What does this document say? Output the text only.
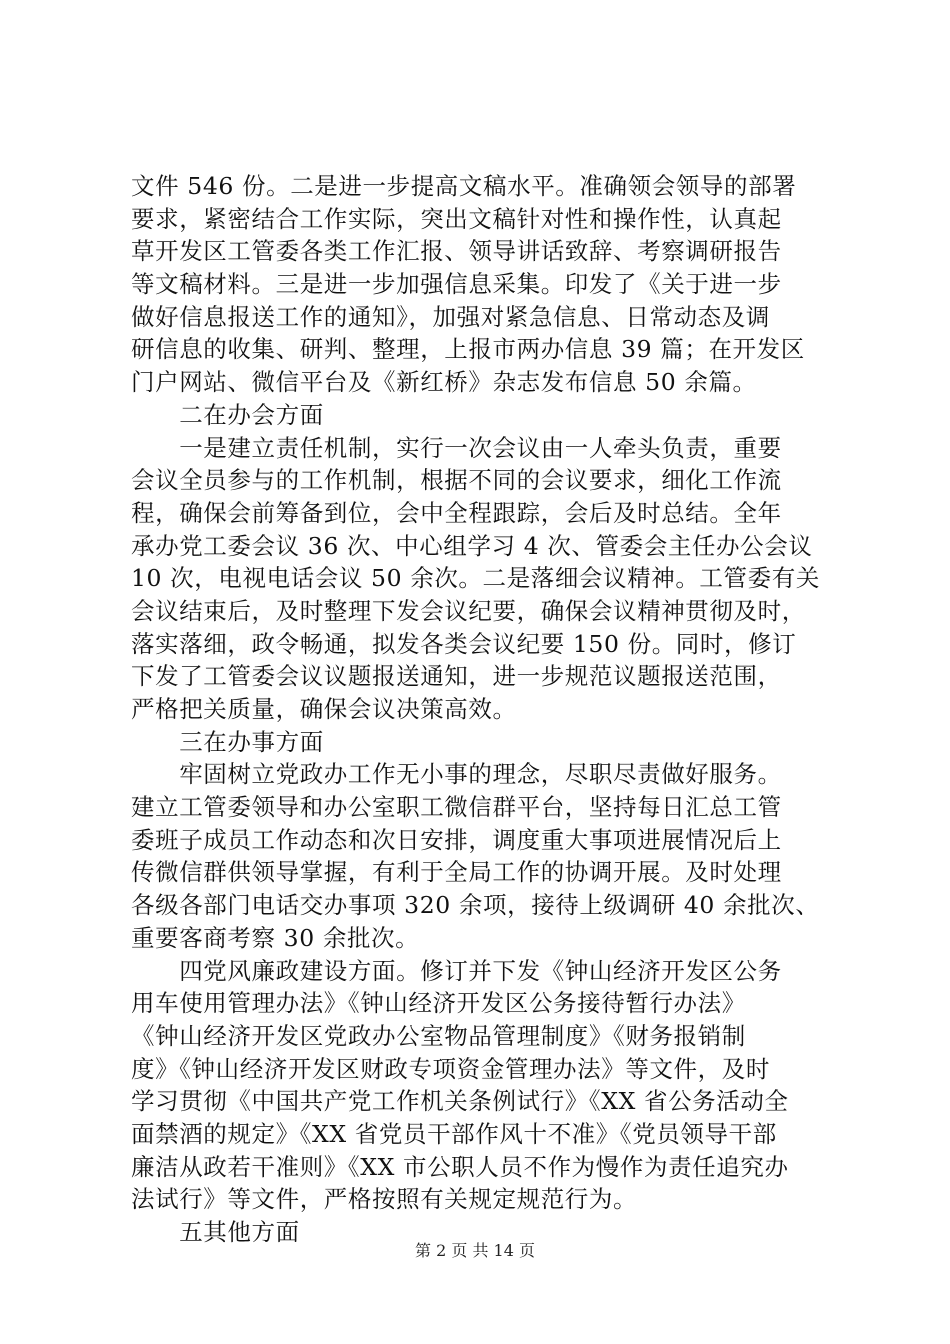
文件 546 份。二是进一步提高文稿水平。准确领会领导的部署
要求，紧密结合工作实际，突出文稿针对性和操作性，认真起
草开发区工管委各类工作汇报、领导讲话致辞、考察调研报告
等文稿材料。三是进一步加强信息采集。印发了《关于进一步
做好信息报送工作的通知》，加强对紧急信息、日常动态及调
研信息的收集、研判、整理，上报市两办信息 39 篇；在开发区
门户网站、微信平台及《新红桥》杂志发布信息 50 余篇。
　　二在办会方面
　　一是建立责任机制，实行一次会议由一人牵头负责，重要
会议全员参与的工作机制，根据不同的会议要求，细化工作流
程，确保会前筹备到位，会中全程跟踪，会后及时总结。全年
承办党工委会议 36 次、中心组学习 4 次、管委会主任办公会议
10 次，电视电话会议 50 余次。二是落细会议精神。工管委有关
会议结束后，及时整理下发会议纪要，确保会议精神贯彻及时，
落实落细，政令畅通，拟发各类会议纪要 150 份。同时，修订
下发了工管委会议议题报送通知，进一步规范议题报送范围，
严格把关质量，确保会议决策高效。
　　三在办事方面
　　牢固树立党政办工作无小事的理念，尽职尽责做好服务。
建立工管委领导和办公室职工微信群平台，坚持每日汇总工管
委班子成员工作动态和次日安排，调度重大事项进展情况后上
传微信群供领导掌握，有利于全局工作的协调开展。及时处理
各级各部门电话交办事项 320 余项，接待上级调研 40 余批次、
重要客商考察 30 余批次。
　　四党风廉政建设方面。修订并下发《钟山经济开发区公务
用车使用管理办法》《钟山经济开发区公务接待暂行办法》
《钟山经济开发区党政办公室物品管理制度》《财务报销制
度》《钟山经济开发区财政专项资金管理办法》等文件，及时
学习贯彻《中国共产党工作机关条例试行》《XX 省公务活动全
面禁酒的规定》《XX 省党员干部作风十不准》《党员领导干部
廉洁从政若干准则》《XX 市公职人员不作为慢作为责任追究办
法试行》等文件，严格按照有关规定规范行为。
　　五其他方面
第 2 页 共 14 页
